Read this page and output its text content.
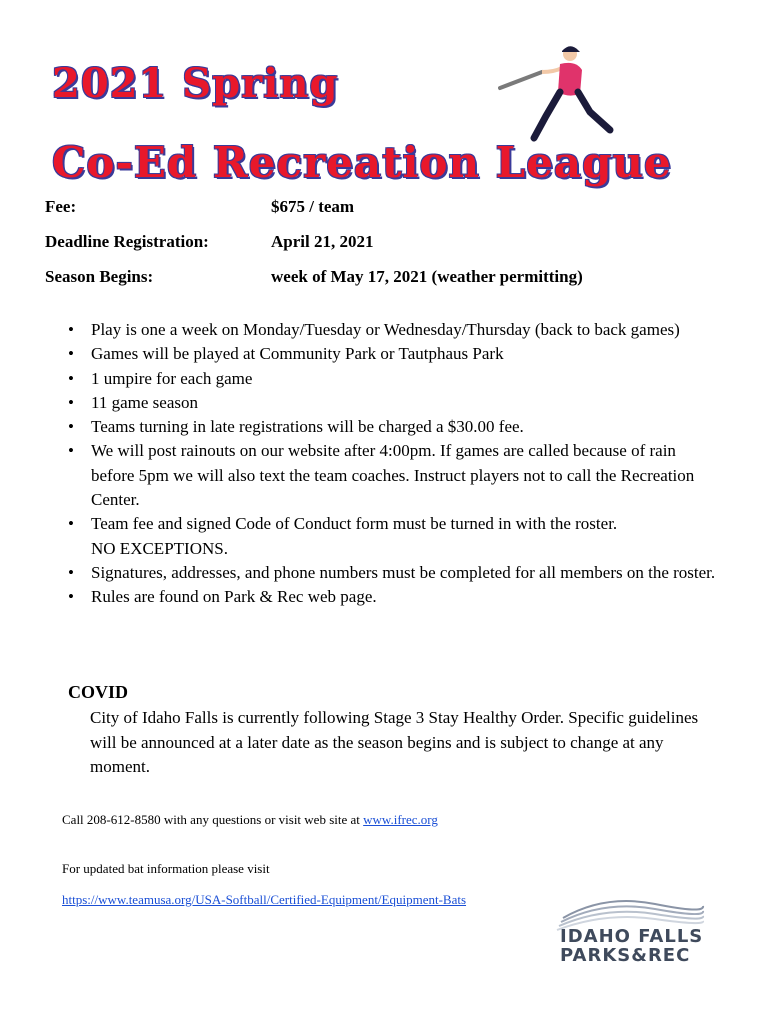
2021 Spring
Co-Ed Recreation League
Fee:	$675 / team
Deadline Registration:	April 21, 2021
Season Begins:	week of May 17, 2021 (weather permitting)
• Play is one a week on Monday/Tuesday or Wednesday/Thursday (back to back games)
• Games will be played at Community Park or Tautphaus Park
• 1 umpire for each game
• 11 game season
• Teams turning in late registrations will be charged a $30.00 fee.
• We will post rainouts on our website after 4:00pm. If games are called because of rain before 5pm we will also text the team coaches. Instruct players not to call the Recreation Center.
• Team fee and signed Code of Conduct form must be turned in with the roster.
NO EXCEPTIONS.
• Signatures, addresses, and phone numbers must be completed for all members on the roster.
• Rules are found on Park & Rec web page.
COVID
City of Idaho Falls is currently following Stage 3 Stay Healthy Order. Specific guidelines will be announced at a later date as the season begins and is subject to change at any moment.
Call 208-612-8580 with any questions or visit web site at www.ifrec.org
For updated bat information please visit
https://www.teamusa.org/USA-Softball/Certified-Equipment/Equipment-Bats
IDAHO FALLS
PARKS&REC
